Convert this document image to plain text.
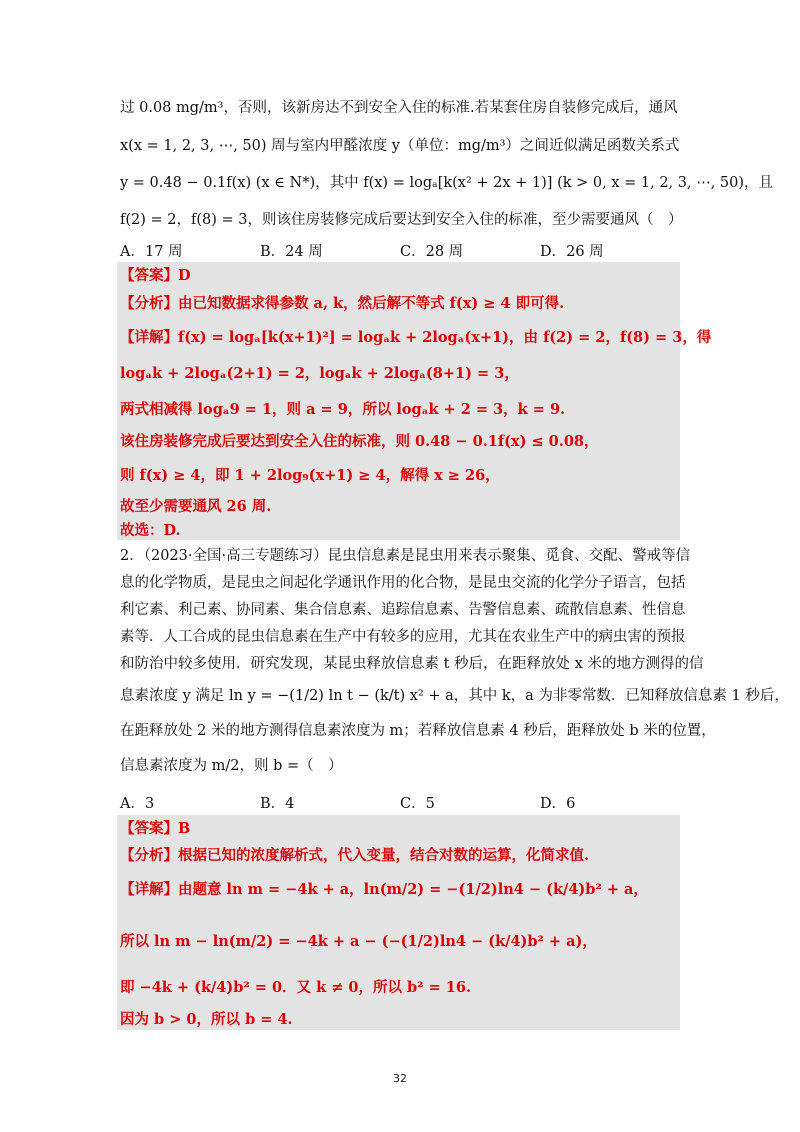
过 0.08 mg/m³，否则，该新房达不到安全入住的标准.若某套住房自装修完成后，通风
x(x = 1, 2, 3, ⋯, 50) 周与室内甲醛浓度 y（单位：mg/m³）之间近似满足函数关系式
y = 0.48 − 0.1f(x) (x ∈ N*)，其中 f(x) = logₐ[k(x² + 2x + 1)] (k > 0, x = 1, 2, 3, ⋯, 50)，且
f(2) = 2，f(8) = 3，则该住房装修完成后要达到安全入住的标准，至少需要通风（　）
A．17 周	B．24 周	C．28 周	D．26 周
【答案】D
【分析】由已知数据求得参数 a, k，然后解不等式 f(x) ≥ 4 即可得.
【详解】f(x) = logₐ[k(x+1)²] = logₐk + 2logₐ(x+1)，由 f(2) = 2，f(8) = 3，得
logₐk + 2logₐ(2+1) = 2，logₐk + 2logₐ(8+1) = 3，
两式相减得 logₐ9 = 1，则 a = 9，所以 logₐk + 2 = 3，k = 9.
该住房装修完成后要达到安全入住的标准，则 0.48 − 0.1f(x) ≤ 0.08，
则 f(x) ≥ 4，即 1 + 2log₉(x+1) ≥ 4，解得 x ≥ 26，
故至少需要通风 26 周.
故选：D.
2．（2023·全国·高三专题练习）昆虫信息素是昆虫用来表示聚集、觅食、交配、警戒等信
息的化学物质，是昆虫之间起化学通讯作用的化合物，是昆虫交流的化学分子语言，包括
利它素、利己素、协同素、集合信息素、追踪信息素、告警信息素、疏散信息素、性信息
素等．人工合成的昆虫信息素在生产中有较多的应用，尤其在农业生产中的病虫害的预报
和防治中较多使用．研究发现，某昆虫释放信息素 t 秒后，在距释放处 x 米的地方测得的信
息素浓度 y 满足 ln y = −(1/2) ln t − (k/t) x² + a，其中 k，a 为非零常数．已知释放信息素 1 秒后，
在距释放处 2 米的地方测得信息素浓度为 m；若释放信息素 4 秒后，距释放处 b 米的位置，
信息素浓度为 m/2，则 b =（　）
A．3	B．4	C．5	D．6
【答案】B
【分析】根据已知的浓度解析式，代入变量，结合对数的运算，化简求值.
【详解】由题意 ln m = −4k + a，ln(m/2) = −(1/2)ln4 − (k/4)b² + a，
所以 ln m − ln(m/2) = −4k + a − (−(1/2)ln4 − (k/4)b² + a)，
即 −4k + (k/4)b² = 0．又 k ≠ 0，所以 b² = 16.
因为 b > 0，所以 b = 4.
32
